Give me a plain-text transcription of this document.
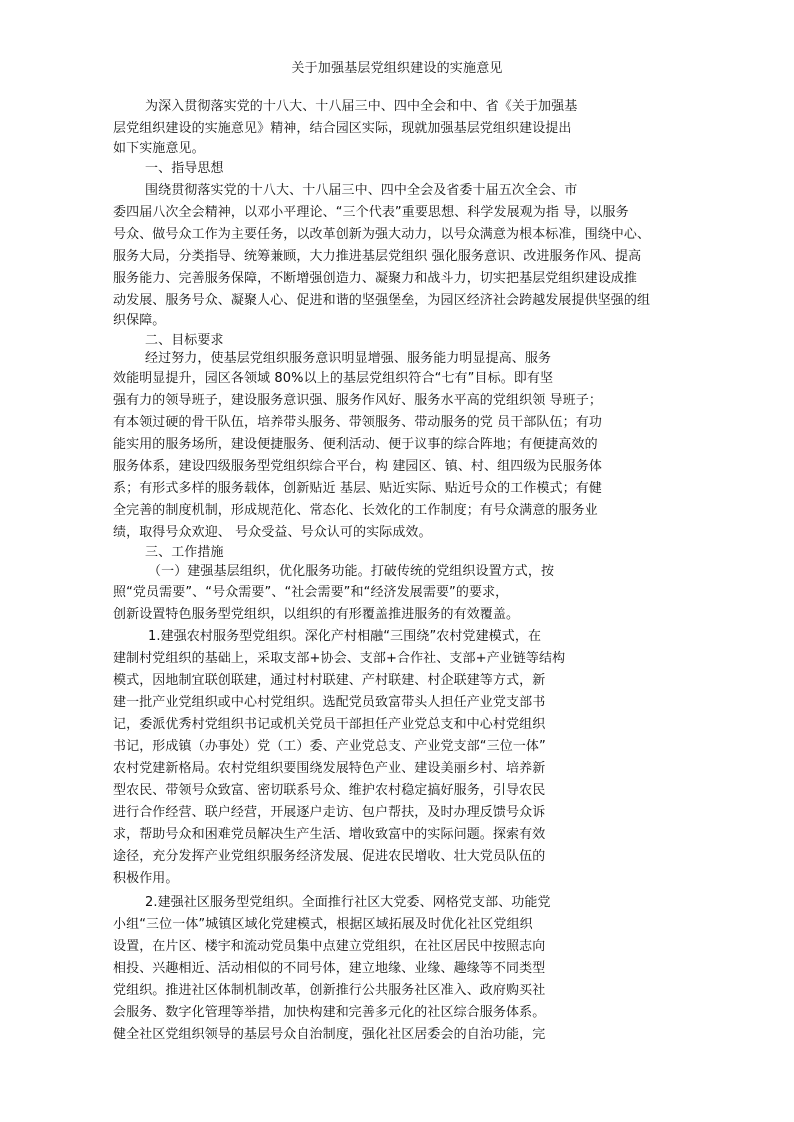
关于加强基层党组织建设的实施意见
为深入贯彻落实党的十八大、十八届三中、四中全会和中、省《关于加强基
层党组织建设的实施意见》精神，结合园区实际，现就加强基层党组织建设提出
如下实施意见。
一、指导思想
围绕贯彻落实党的十八大、十八届三中、四中全会及省委十届五次全会、市
委四届八次全会精神，以邓小平理论、“三个代表”重要思想、科学发展观为指 导，以服务
号众、做号众工作为主要任务，以改革创新为强大动力，以号众满意为根本标准，围绕中心、
服务大局，分类指导、统筹兼顾，大力推进基层党组织 强化服务意识、改进服务作风、提高
服务能力、完善服务保障，不断增强创造力、凝聚力和战斗力，切实把基层党组织建设成推
动发展、服务号众、凝聚人心、促进和谐的坚强堡垒，为园区经济社会跨越发展提供坚强的组
织保障。
二、目标要求
经过努力，使基层党组织服务意识明显增强、服务能力明显提高、服务
效能明显提升，园区各领域 80%以上的基层党组织符合“七有”目标。即有坚
强有力的领导班子，建设服务意识强、服务作风好、服务水平高的党组织领 导班子；
有本领过硬的骨干队伍，培养带头服务、带领服务、带动服务的党 员干部队伍；有功
能实用的服务场所，建设便捷服务、便利活动、便于议事的综合阵地；有便捷高效的
服务体系，建设四级服务型党组织综合平台，构 建园区、镇、村、组四级为民服务体
系；有形式多样的服务载体，创新贴近 基层、贴近实际、贴近号众的工作模式；有健
全完善的制度机制，形成规范化、常态化、长效化的工作制度；有号众满意的服务业
绩，取得号众欢迎、 号众受益、号众认可的实际成效。
三、工作措施
（一）建强基层组织，优化服务功能。打破传统的党组织设置方式，按
照“党员需要”、“号众需要”、“社会需要”和“经济发展需要”的要求，
创新设置特色服务型党组织，以组织的有形覆盖推进服务的有效覆盖。
1.建强农村服务型党组织。深化产村相融“三围绕”农村党建模式，在
建制村党组织的基础上，采取支部+协会、支部+合作社、支部+产业链等结构
模式，因地制宜联创联建，通过村村联建、产村联建、村企联建等方式，新
建一批产业党组织或中心村党组织。选配党员致富带头人担任产业党支部书
记，委派优秀村党组织书记或机关党员干部担任产业党总支和中心村党组织
书记，形成镇（办事处）党（工）委、产业党总支、产业党支部“三位一体”
农村党建新格局。农村党组织要围绕发展特色产业、建设美丽乡村、培养新
型农民、带领号众致富、密切联系号众、维护农村稳定搞好服务，引导农民
进行合作经营、联户经营，开展逐户走访、包户帮扶，及时办理反馈号众诉
求，帮助号众和困难党员解决生产生活、增收致富中的实际问题。探索有效
途径，充分发挥产业党组织服务经济发展、促进农民增收、壮大党员队伍的
积极作用。
2.建强社区服务型党组织。全面推行社区大党委、网格党支部、功能党
小组“三位一体”城镇区域化党建模式，根据区域拓展及时优化社区党组织
设置，在片区、楼宇和流动党员集中点建立党组织，在社区居民中按照志向
相投、兴趣相近、活动相似的不同号体，建立地缘、业缘、趣缘等不同类型
党组织。推进社区体制机制改革，创新推行公共服务社区准入、政府购买社
会服务、数字化管理等举措，加快构建和完善多元化的社区综合服务体系。
健全社区党组织领导的基层号众自治制度，强化社区居委会的自治功能，完
